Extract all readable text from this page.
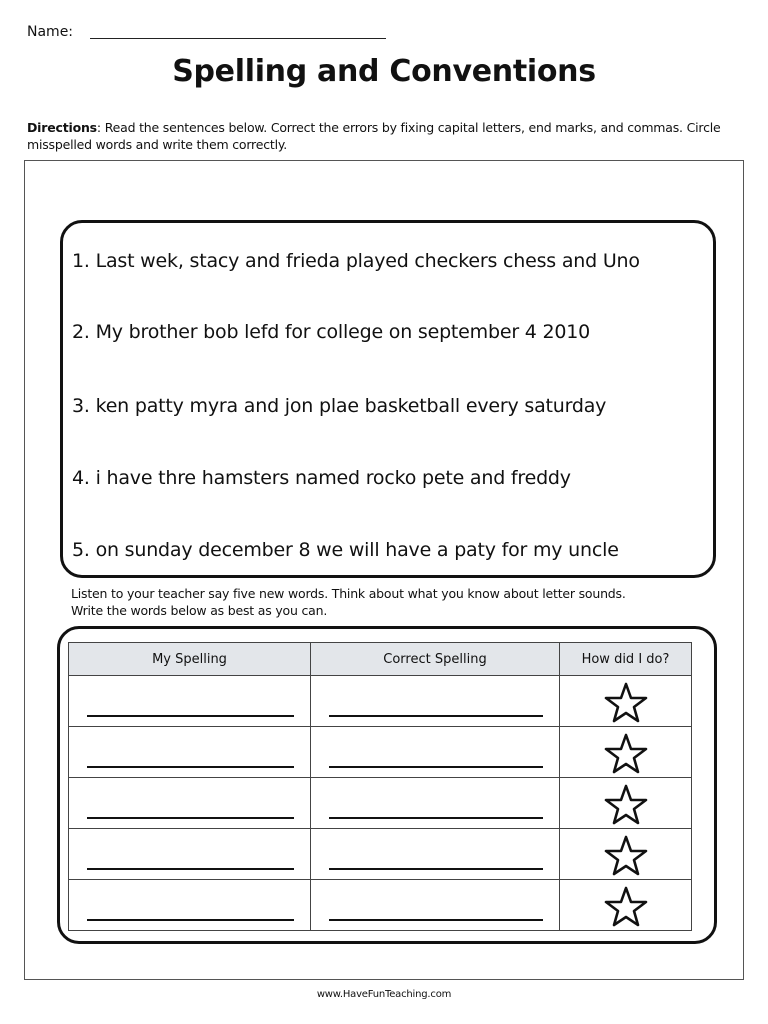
Name:
Spelling and Conventions
Directions: Read the sentences below. Correct the errors by fixing capital letters, end marks, and commas. Circle misspelled words and write them correctly.
1. Last wek, stacy and frieda played checkers chess and Uno
2. My brother bob lefd for college on september 4 2010
3. ken patty myra and jon plae basketball every saturday
4. i have thre hamsters named rocko pete and freddy
5. on sunday december 8 we will have a paty for my uncle
Listen to your teacher say five new words. Think about what you know about letter sounds.
Write the words below as best as you can.
My Spelling	Correct Spelling	How did I do?

www.HaveFunTeaching.com
